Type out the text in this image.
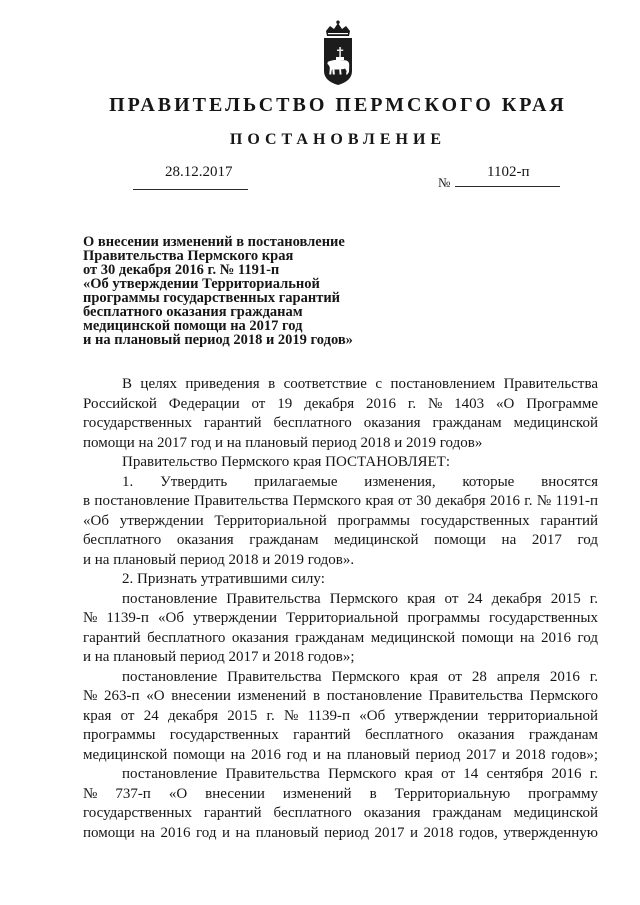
ПРАВИТЕЛЬСТВО ПЕРМСКОГО КРАЯ
ПОСТАНОВЛЕНИЕ
28.12.2017
№
1102-п
О внесении изменений в постановление
Правительства Пермского края
от 30 декабря 2016 г. № 1191-п
«Об утверждении Территориальной
программы государственных гарантий
бесплатного оказания гражданам
медицинской помощи на 2017 год
и на плановый период 2018 и 2019 годов»
В целях приведения в соответствие с постановлением Правительства
Российской Федерации от 19 декабря 2016 г. № 1403 «О Программе
государственных гарантий бесплатного оказания гражданам медицинской
помощи на 2017 год и на плановый период 2018 и 2019 годов»
Правительство Пермского края ПОСТАНОВЛЯЕТ:
1. Утвердить прилагаемые изменения, которые вносятся
в постановление Правительства Пермского края от 30 декабря 2016 г. № 1191-п
«Об утверждении Территориальной программы государственных гарантий
бесплатного оказания гражданам медицинской помощи на 2017 год
и на плановый период 2018 и 2019 годов».
2. Признать утратившими силу:
постановление Правительства Пермского края от 24 декабря 2015 г.
№ 1139-п «Об утверждении Территориальной программы государственных
гарантий бесплатного оказания гражданам медицинской помощи на 2016 год
и на плановый период 2017 и 2018 годов»;
постановление Правительства Пермского края от 28 апреля 2016 г.
№ 263-п «О внесении изменений в постановление Правительства Пермского
края от 24 декабря 2015 г. № 1139-п «Об утверждении территориальной
программы государственных гарантий бесплатного оказания гражданам
медицинской помощи на 2016 год и на плановый период 2017 и 2018 годов»;
постановление Правительства Пермского края от 14 сентября 2016 г.
№ 737-п «О внесении изменений в Территориальную программу
государственных гарантий бесплатного оказания гражданам медицинской
помощи на 2016 год и на плановый период 2017 и 2018 годов, утвержденную
